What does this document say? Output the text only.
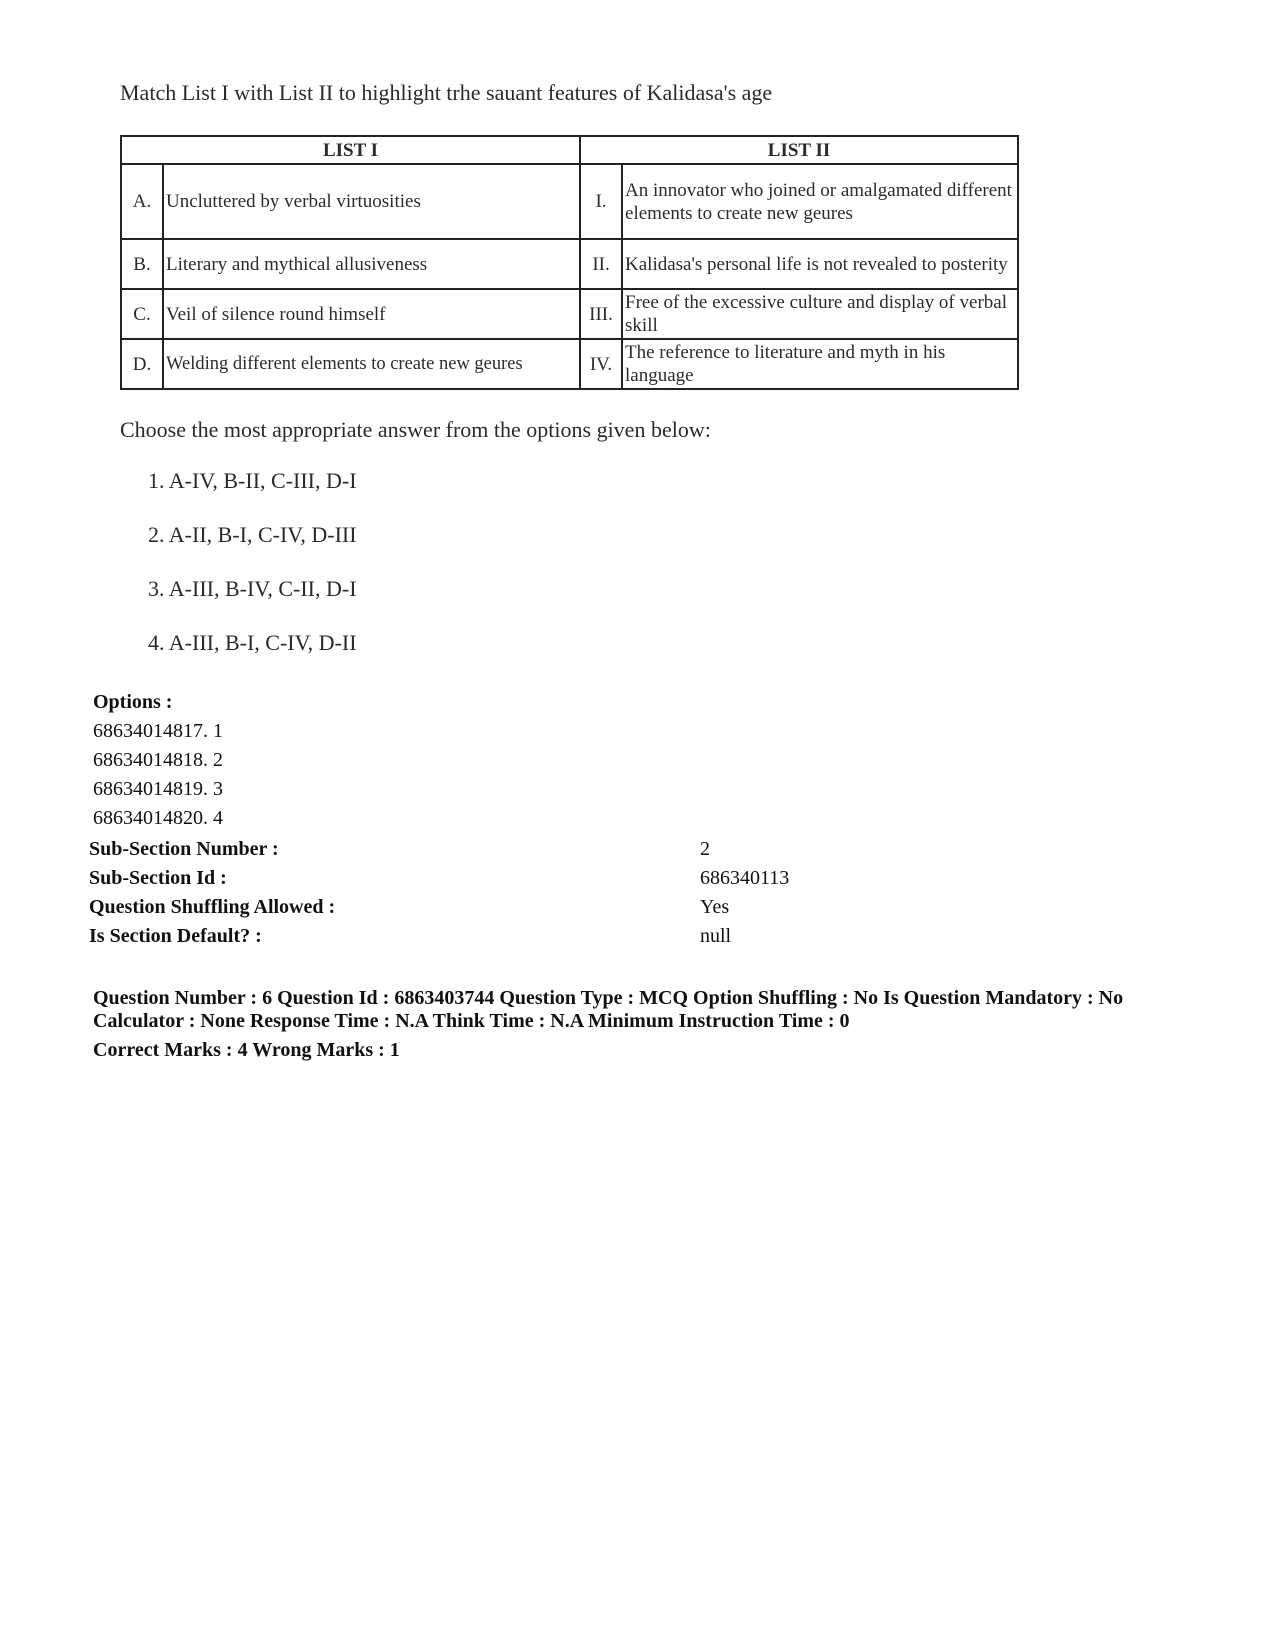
Match List I with List II to highlight trhe sauant features of Kalidasa's age
LIST I		LIST II	
A.	Uncluttered by verbal virtuosities	I.	An innovator who joined or amalgamated different elements to create new geures
B.	Literary and mythical allusiveness	II.	Kalidasa's personal life is not revealed to posterity
C.	Veil of silence round himself	III.	Free of the excessive culture and display of verbal skill
D.	Welding different elements to create new geures	IV.	The reference to literature and myth in his language
Choose the most appropriate answer from the options given below:
1. A-IV, B-II, C-III, D-I
2. A-II, B-I, C-IV, D-III
3. A-III, B-IV, C-II, D-I
4. A-III, B-I, C-IV, D-II
Options :
68634014817. 1
68634014818. 2
68634014819. 3
68634014820. 4
Sub-Section Number :	2
Sub-Section Id :	686340113
Question Shuffling Allowed :	Yes
Is Section Default? :	null
Question Number : 6 Question Id : 6863403744 Question Type : MCQ Option Shuffling : No Is Question Mandatory : No
Calculator : None Response Time : N.A Think Time : N.A Minimum Instruction Time : 0
Correct Marks : 4 Wrong Marks : 1
